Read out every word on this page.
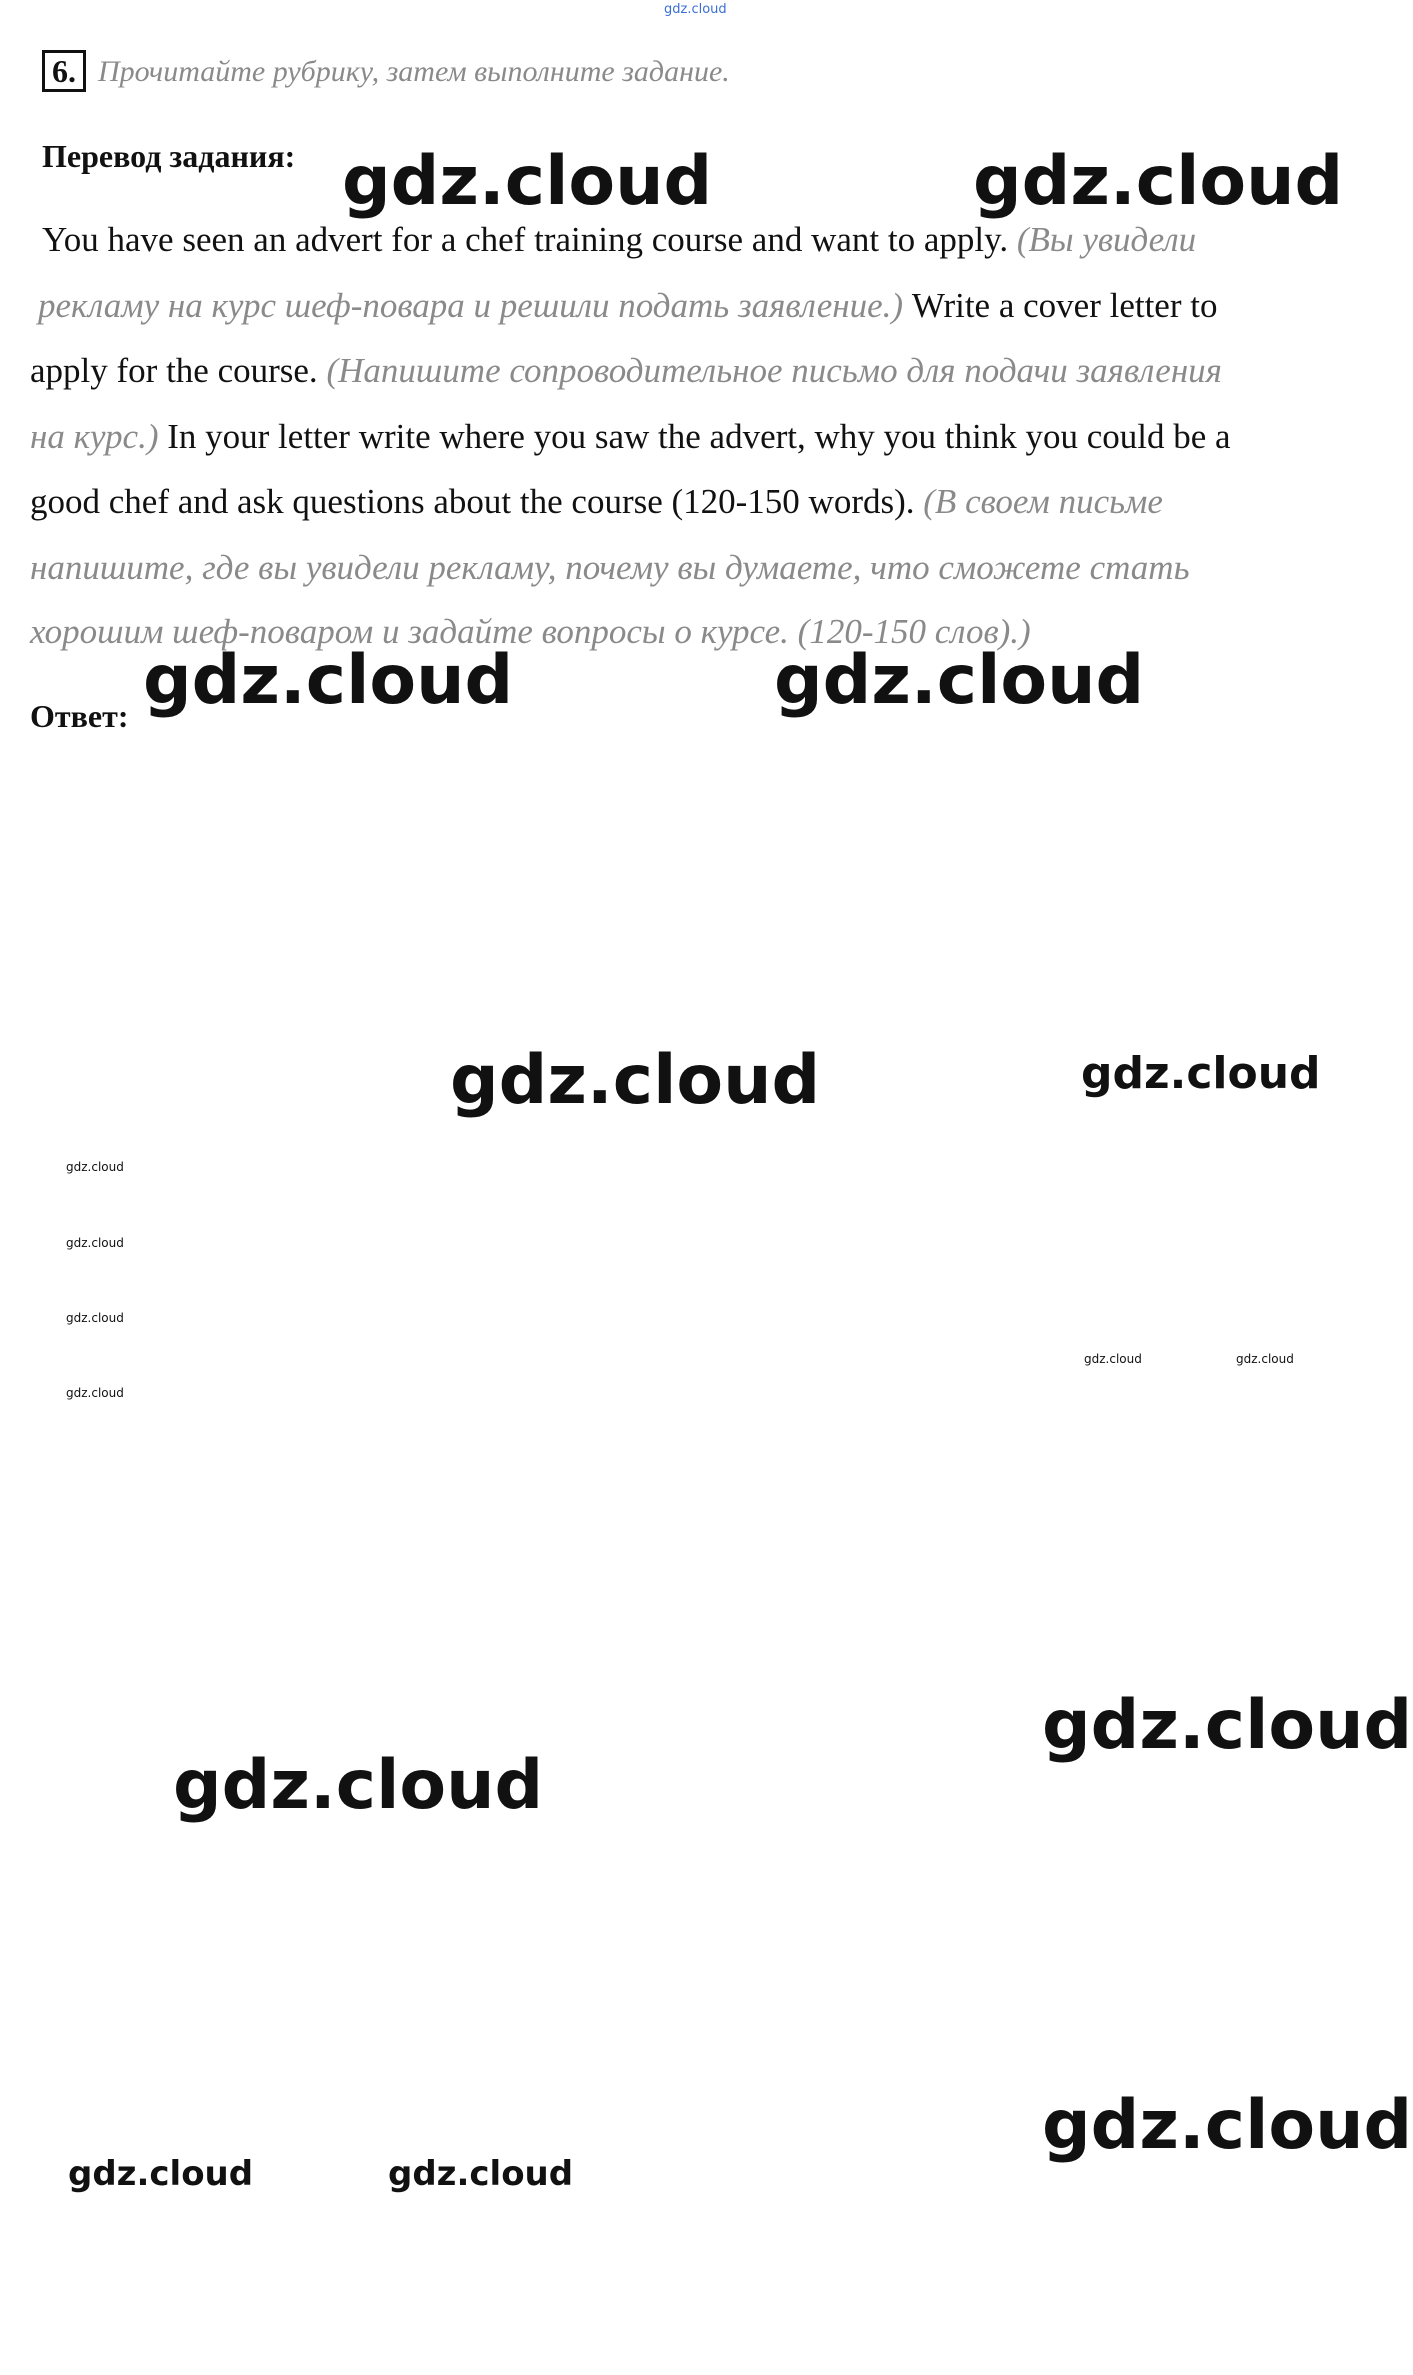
gdz.cloud
6. Прочитайте рубрику, затем выполните задание.
Перевод задания:
You have seen an advert for a chef training course and want to apply. (Вы увидели
рекламу на курс шеф-повара и решили подать заявление.) Write a cover letter to
apply for the course. (Напишите сопроводительное письмо для подачи заявления
на курс.) In your letter write where you saw the advert, why you think you could be a
good chef and ask questions about the course (120-150 words). (В своем письме
напишите, где вы увидели рекламу, почему вы думаете, что сможете стать
хорошим шеф-поваром и задайте вопросы о курсе. (120-150 слов).)
Ответ:
gdz.cloud	gdz.cloud
gdz.cloud	gdz.cloud
gdz.cloud	gdz.cloud
gdz.cloud
gdz.cloud
gdz.cloud
gdz.cloud	gdz.cloud
gdz.cloud
gdz.cloud
gdz.cloud
gdz.cloud
gdz.cloud	gdz.cloud
